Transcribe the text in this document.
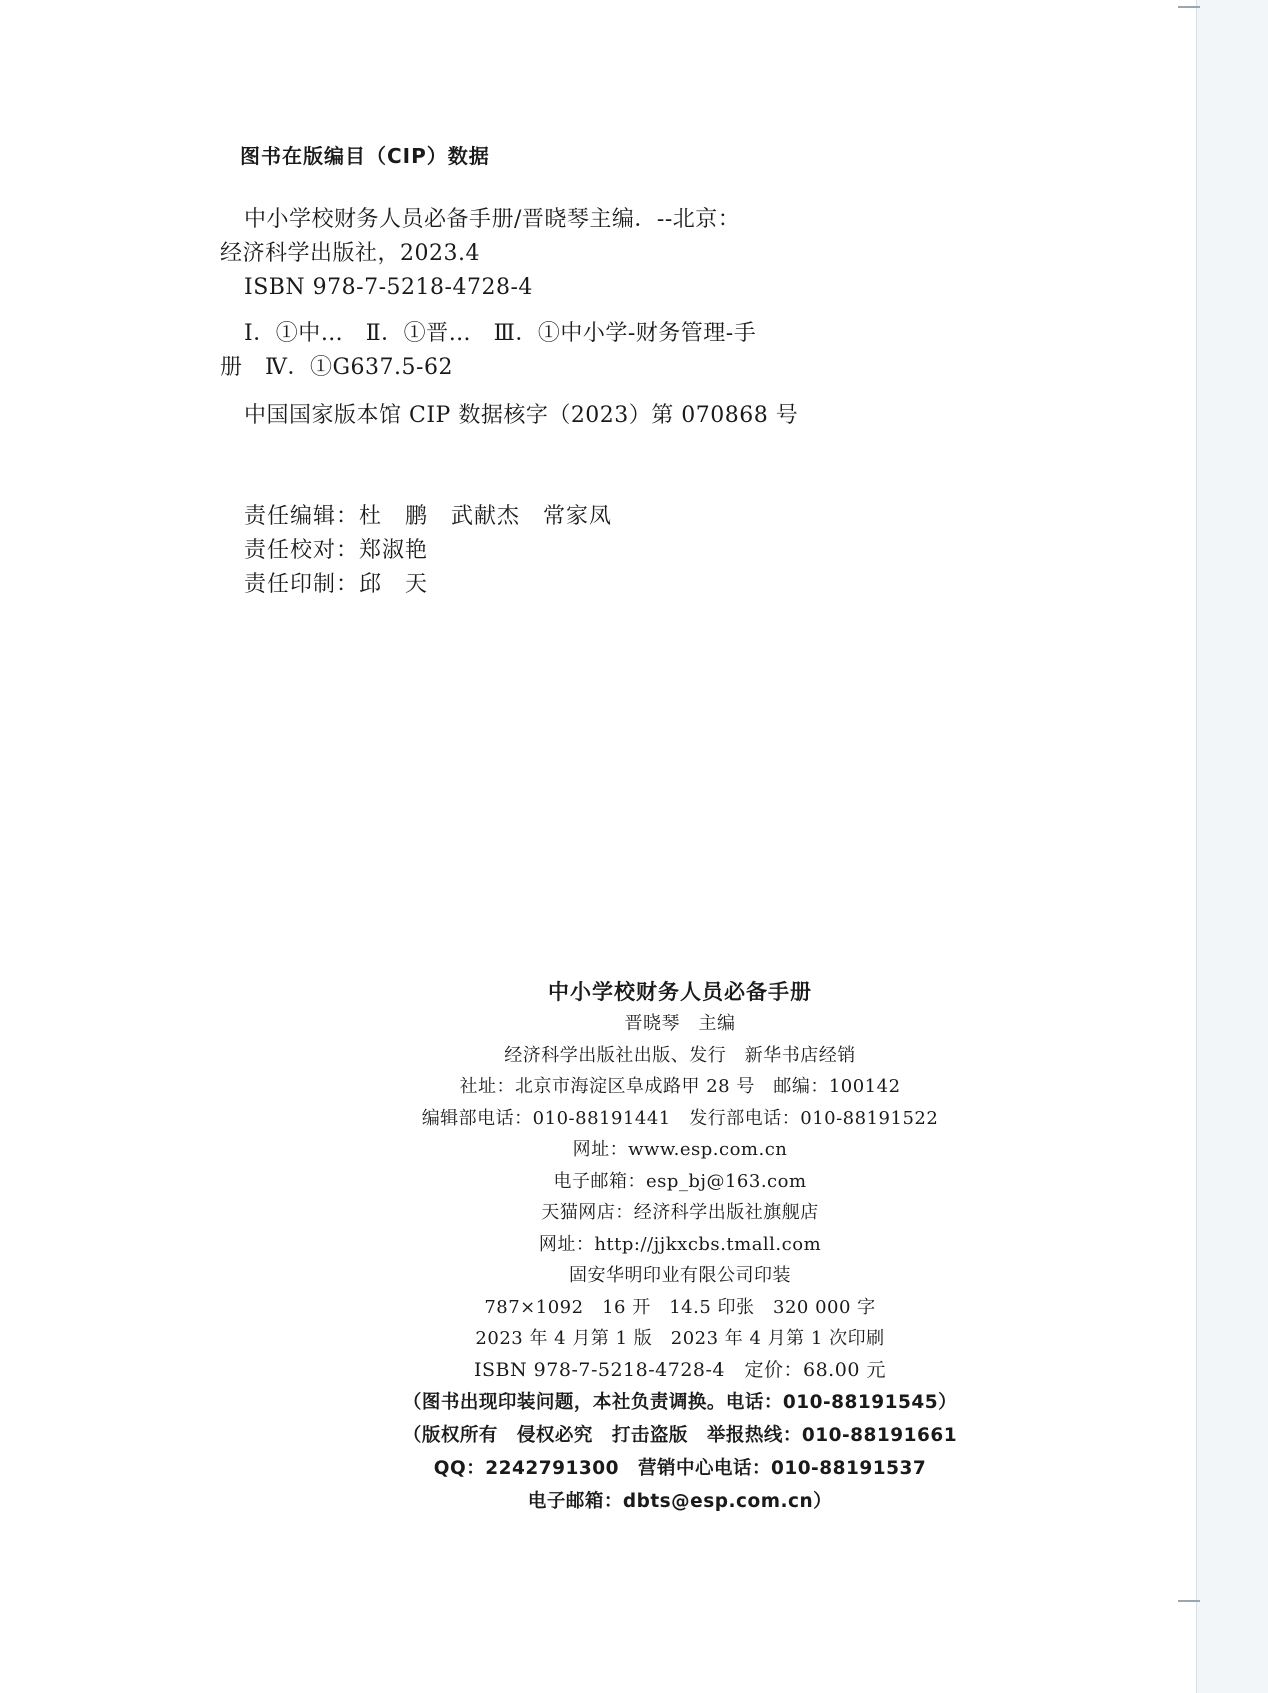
图书在版编目（CIP）数据
中小学校财务人员必备手册/晋晓琴主编．--北京：
经济科学出版社，2023.4
ISBN 978-7-5218-4728-4
Ⅰ．①中…　Ⅱ．①晋…　Ⅲ．①中小学-财务管理-手
册　Ⅳ．①G637.5-62
中国国家版本馆 CIP 数据核字（2023）第 070868 号
责任编辑：杜　鹏　武献杰　常家凤
责任校对：郑淑艳
责任印制：邱　天
中小学校财务人员必备手册
晋晓琴　主编
经济科学出版社出版、发行　新华书店经销
社址：北京市海淀区阜成路甲 28 号　邮编：100142
编辑部电话：010-88191441　发行部电话：010-88191522
网址：www.esp.com.cn
电子邮箱：esp_bj@163.com
天猫网店：经济科学出版社旗舰店
网址：http://jjkxcbs.tmall.com
固安华明印业有限公司印装
787×1092　16 开　14.5 印张　320 000 字
2023 年 4 月第 1 版　2023 年 4 月第 1 次印刷
ISBN 978-7-5218-4728-4　定价：68.00 元
（图书出现印装问题，本社负责调换。电话：010-88191545）
（版权所有　侵权必究　打击盗版　举报热线：010-88191661
QQ：2242791300　营销中心电话：010-88191537
电子邮箱：dbts@esp.com.cn）
